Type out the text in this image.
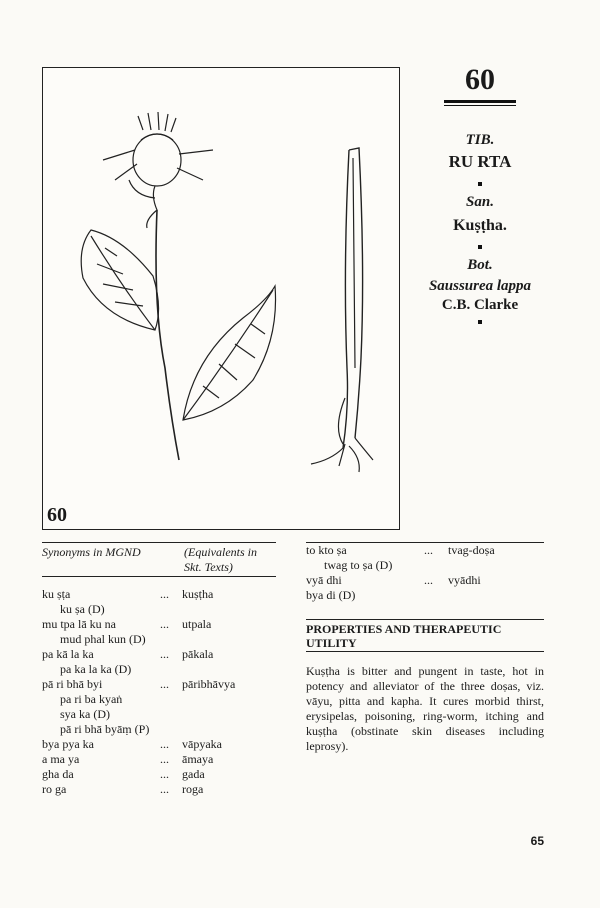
60
60
TIB.
RU RTA
San.
Kuṣṭha.
Bot.
Saussurea lappa
C.B. Clarke
Synonyms in MGND	(Equivalents in Skt. Texts)
ku ṣṭa	...	kuṣṭha
ku ṣa (D)
mu tpa lā ku na	...	utpala
mud phal kun (D)
pa kā la ka	...	pākala
pa ka la ka (D)
pā ri bhā byi	...	pāribhāvya
pa ri ba kyaṅ
sya ka (D)
pā ri bhā byāṃ (P)
bya pya ka	...	vāpyaka
a ma ya	...	āmaya
gha da	...	gada
ro ga	...	roga
to kto ṣa	...	tvag-doṣa
twag to ṣa (D)
vyā dhi	...	vyādhi
bya di (D)
PROPERTIES AND THERAPEUTIC UTILITY
Kuṣṭha is bitter and pungent in taste, hot in potency and alleviator of the three doṣas, viz. vāyu, pitta and kapha. It cures morbid thirst, erysipelas, poisoning, ring-worm, itching and kuṣṭha (obstinate skin diseases including leprosy).
65
